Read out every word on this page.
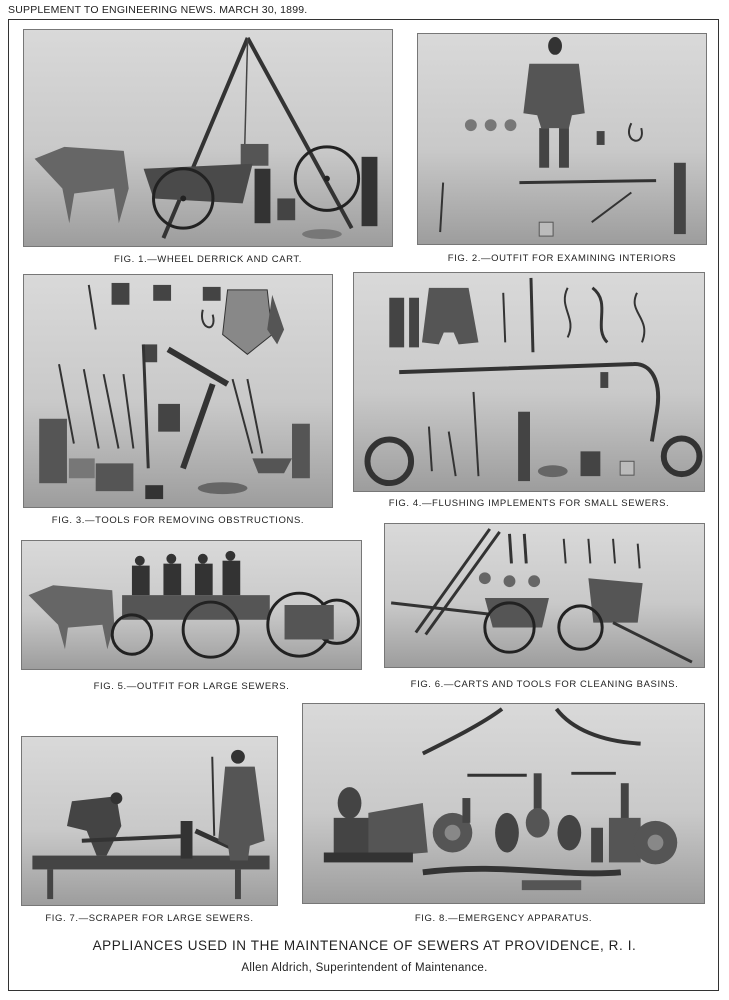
SUPPLEMENT TO ENGINEERING NEWS. MARCH 30, 1899.
FIG. 1.—WHEEL DERRICK AND CART.	FIG. 2.—OUTFIT FOR EXAMINING INTERIORS
FIG. 3.—TOOLS FOR REMOVING OBSTRUCTIONS.
FIG. 4.—FLUSHING IMPLEMENTS FOR SMALL SEWERS.
FIG. 5.—OUTFIT FOR LARGE SEWERS.	FIG. 6.—CARTS AND TOOLS FOR CLEANING BASINS.
FIG. 7.—SCRAPER FOR LARGE SEWERS.	FIG. 8.—EMERGENCY APPARATUS.
APPLIANCES USED IN THE MAINTENANCE OF SEWERS AT PROVIDENCE, R. I.
Allen Aldrich, Superintendent of Maintenance.
